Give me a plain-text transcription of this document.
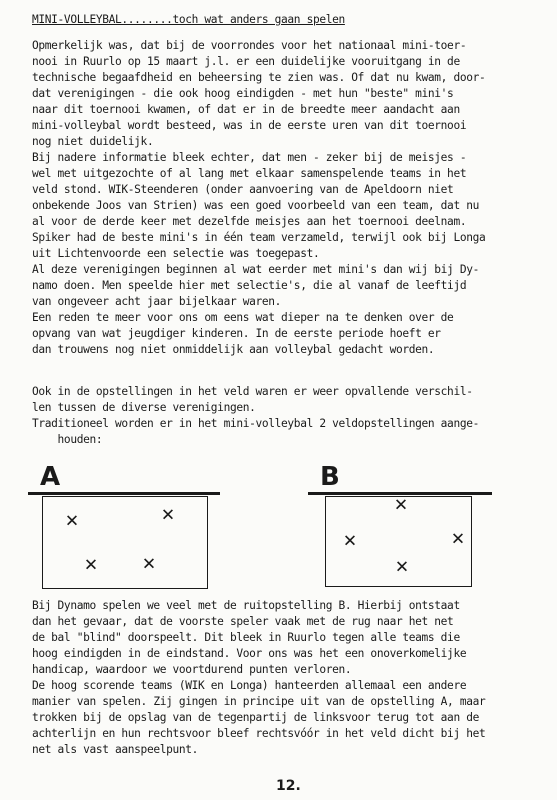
MINI-VOLLEYBAL........toch wat anders gaan spelen
Opmerkelijk was, dat bij de voorrondes voor het nationaal mini-toer-
nooi in Ruurlo op 15 maart j.l. er een duidelijke vooruitgang in de
technische begaafdheid en beheersing te zien was. Of dat nu kwam, door-
dat verenigingen - die ook hoog eindigden - met hun "beste" mini's
naar dit toernooi kwamen, of dat er in de breedte meer aandacht aan
mini-volleybal wordt besteed, was in de eerste uren van dit toernooi
nog niet duidelijk.
Bij nadere informatie bleek echter, dat men - zeker bij de meisjes -
wel met uitgezochte of al lang met elkaar samenspelende teams in het
veld stond. WIK-Steenderen (onder aanvoering van de Apeldoorn niet
onbekende Joos van Strien) was een goed voorbeeld van een team, dat nu
al voor de derde keer met dezelfde meisjes aan het toernooi deelnam.
Spiker had de beste mini's in één team verzameld, terwijl ook bij Longa
uit Lichtenvoorde een selectie was toegepast.
Al deze verenigingen beginnen al wat eerder met mini's dan wij bij Dy-
namo doen. Men speelde hier met selectie's, die al vanaf de leeftijd
van ongeveer acht jaar bijelkaar waren.
Een reden te meer voor ons om eens wat dieper na te denken over de
opvang van wat jeugdiger kinderen. In de eerste periode hoeft er
dan trouwens nog niet onmiddelijk aan volleybal gedacht worden.
Ook in de opstellingen in het veld waren er weer opvallende verschil-
len tussen de diverse verenigingen.
Traditioneel worden er in het mini-volleybal 2 veldopstellingen aange-
houden:
A
✕	✕
✕	✕
B
✕
✕	✕
✕
Bij Dynamo spelen we veel met de ruitopstelling B. Hierbij ontstaat
dan het gevaar, dat de voorste speler vaak met de rug naar het net
de bal "blind" doorspeelt. Dit bleek in Ruurlo tegen alle teams die
hoog eindigden in de eindstand. Voor ons was het een onoverkomelijke
handicap, waardoor we voortdurend punten verloren.
De hoog scorende teams (WIK en Longa) hanteerden allemaal een andere
manier van spelen. Zij gingen in principe uit van de opstelling A, maar
trokken bij de opslag van de tegenpartij de linksvoor terug tot aan de
achterlijn en hun rechtsvoor bleef rechtsvóór in het veld dicht bij het
net als vast aanspeelpunt.
12.
